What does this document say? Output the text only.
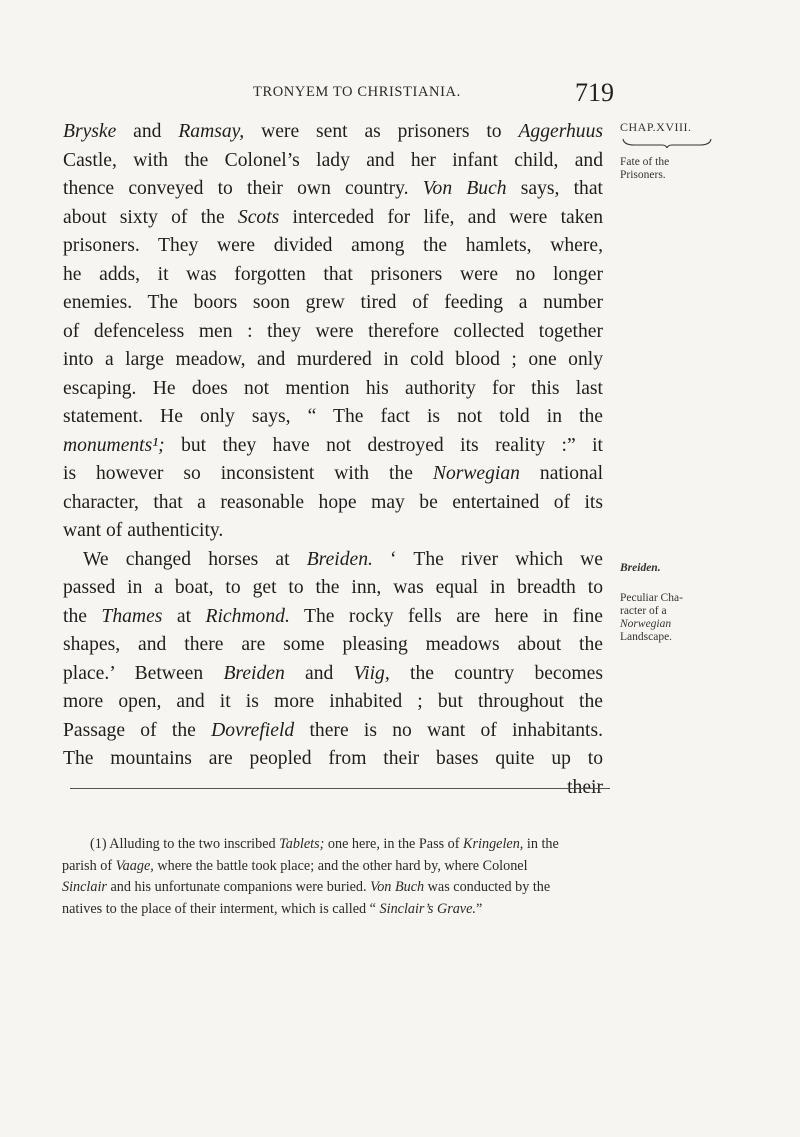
TRONYEM TO CHRISTIANIA.	719
CHAP.XVIII.
Fate of the
Prisoners.
Breiden.
Peculiar Cha-
racter of a
Norwegian
Landscape.
Bryske and Ramsay, were sent as prisoners to Aggerhuus
Castle, with the Colonel’s lady and her infant child, and
thence conveyed to their own country. Von Buch says, that
about sixty of the Scots interceded for life, and were taken
prisoners. They were divided among the hamlets, where,
he adds, it was forgotten that prisoners were no longer
enemies. The boors soon grew tired of feeding a number
of defenceless men : they were therefore collected together
into a large meadow, and murdered in cold blood ; one only
escaping. He does not mention his authority for this last
statement. He only says, “ The fact is not told in the
monuments¹; but they have not destroyed its reality :” it
is however so inconsistent with the Norwegian national
character, that a reasonable hope may be entertained of its
want of authenticity.
We changed horses at Breiden. ‘ The river which we
passed in a boat, to get to the inn, was equal in breadth to
the Thames at Richmond. The rocky fells are here in fine
shapes, and there are some pleasing meadows about the
place.’ Between Breiden and Viig, the country becomes
more open, and it is more inhabited ; but throughout the
Passage of the Dovrefield there is no want of inhabitants.
The mountains are peopled from their bases quite up to
their
(1) Alluding to the two inscribed Tablets; one here, in the Pass of Kringelen, in the
parish of Vaage, where the battle took place; and the other hard by, where Colonel
Sinclair and his unfortunate companions were buried. Von Buch was conducted by the
natives to the place of their interment, which is called “ Sinclair’s Grave.”
